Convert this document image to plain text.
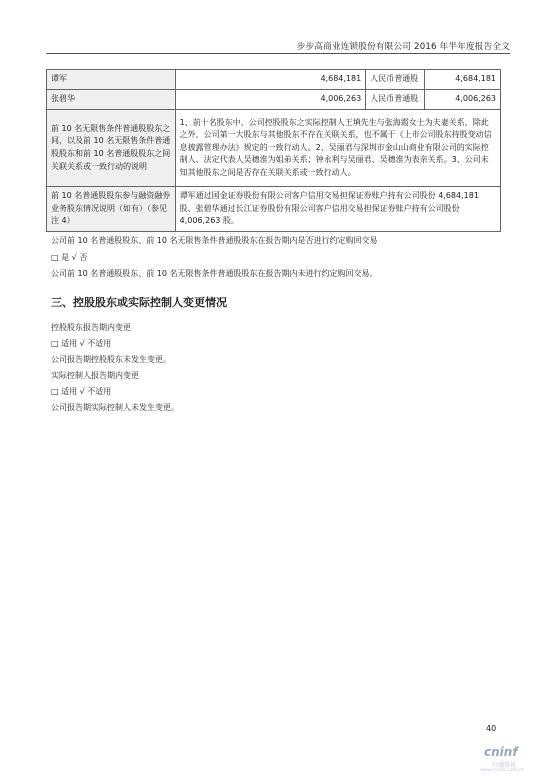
步步高商业连锁股份有限公司 2016 年半年度报告全文
谭军	4,684,181	人民币普通股	4,684,181
张碧华	4,006,263	人民币普通股	4,006,263
前 10 名无限售条件普通股股东之间，以及前 10 名无限售条件普通股股东和前 10 名普通股股东之间关联关系或一致行动的说明	1、前十名股东中，公司控股股东之实际控制人王填先生与张海霞女士为夫妻关系，除此之外，公司第一大股东与其他股东不存在关联关系，也不属于《上市公司股东持股变动信息披露管理办法》规定的一致行动人。2、吴丽君与深圳市金山山商业有限公司的实际控制人、法定代表人吴穗淮为姐弟关系；钟永利与吴丽君、吴穗淮为表亲关系。3、公司未知其他股东之间是否存在关联关系或一致行动人。		
前 10 名普通股股东参与融资融券业务股东情况说明（如有）（参见注 4）	谭军通过国金证券股份有限公司客户信用交易担保证券账户持有公司股份 4,684,181 股、张碧华通过长江证券股份有限公司客户信用交易担保证券账户持有公司股份 4,006,263 股。		
公司前 10 名普通股股东、前 10 名无限售条件普通股股东在报告期内是否进行约定购回交易
□ 是 √ 否
公司前 10 名普通股股东、前 10 名无限售条件普通股股东在报告期内未进行约定购回交易。
三、控股股东或实际控制人变更情况
控股股东报告期内变更
□ 适用 √ 不适用
公司报告期控股股东未发生变更。
实际控制人报告期内变更
□ 适用 √ 不适用
公司报告期实际控制人未发生变更。
40
cninf
巨潮资讯
www.cninfo.com.cn
